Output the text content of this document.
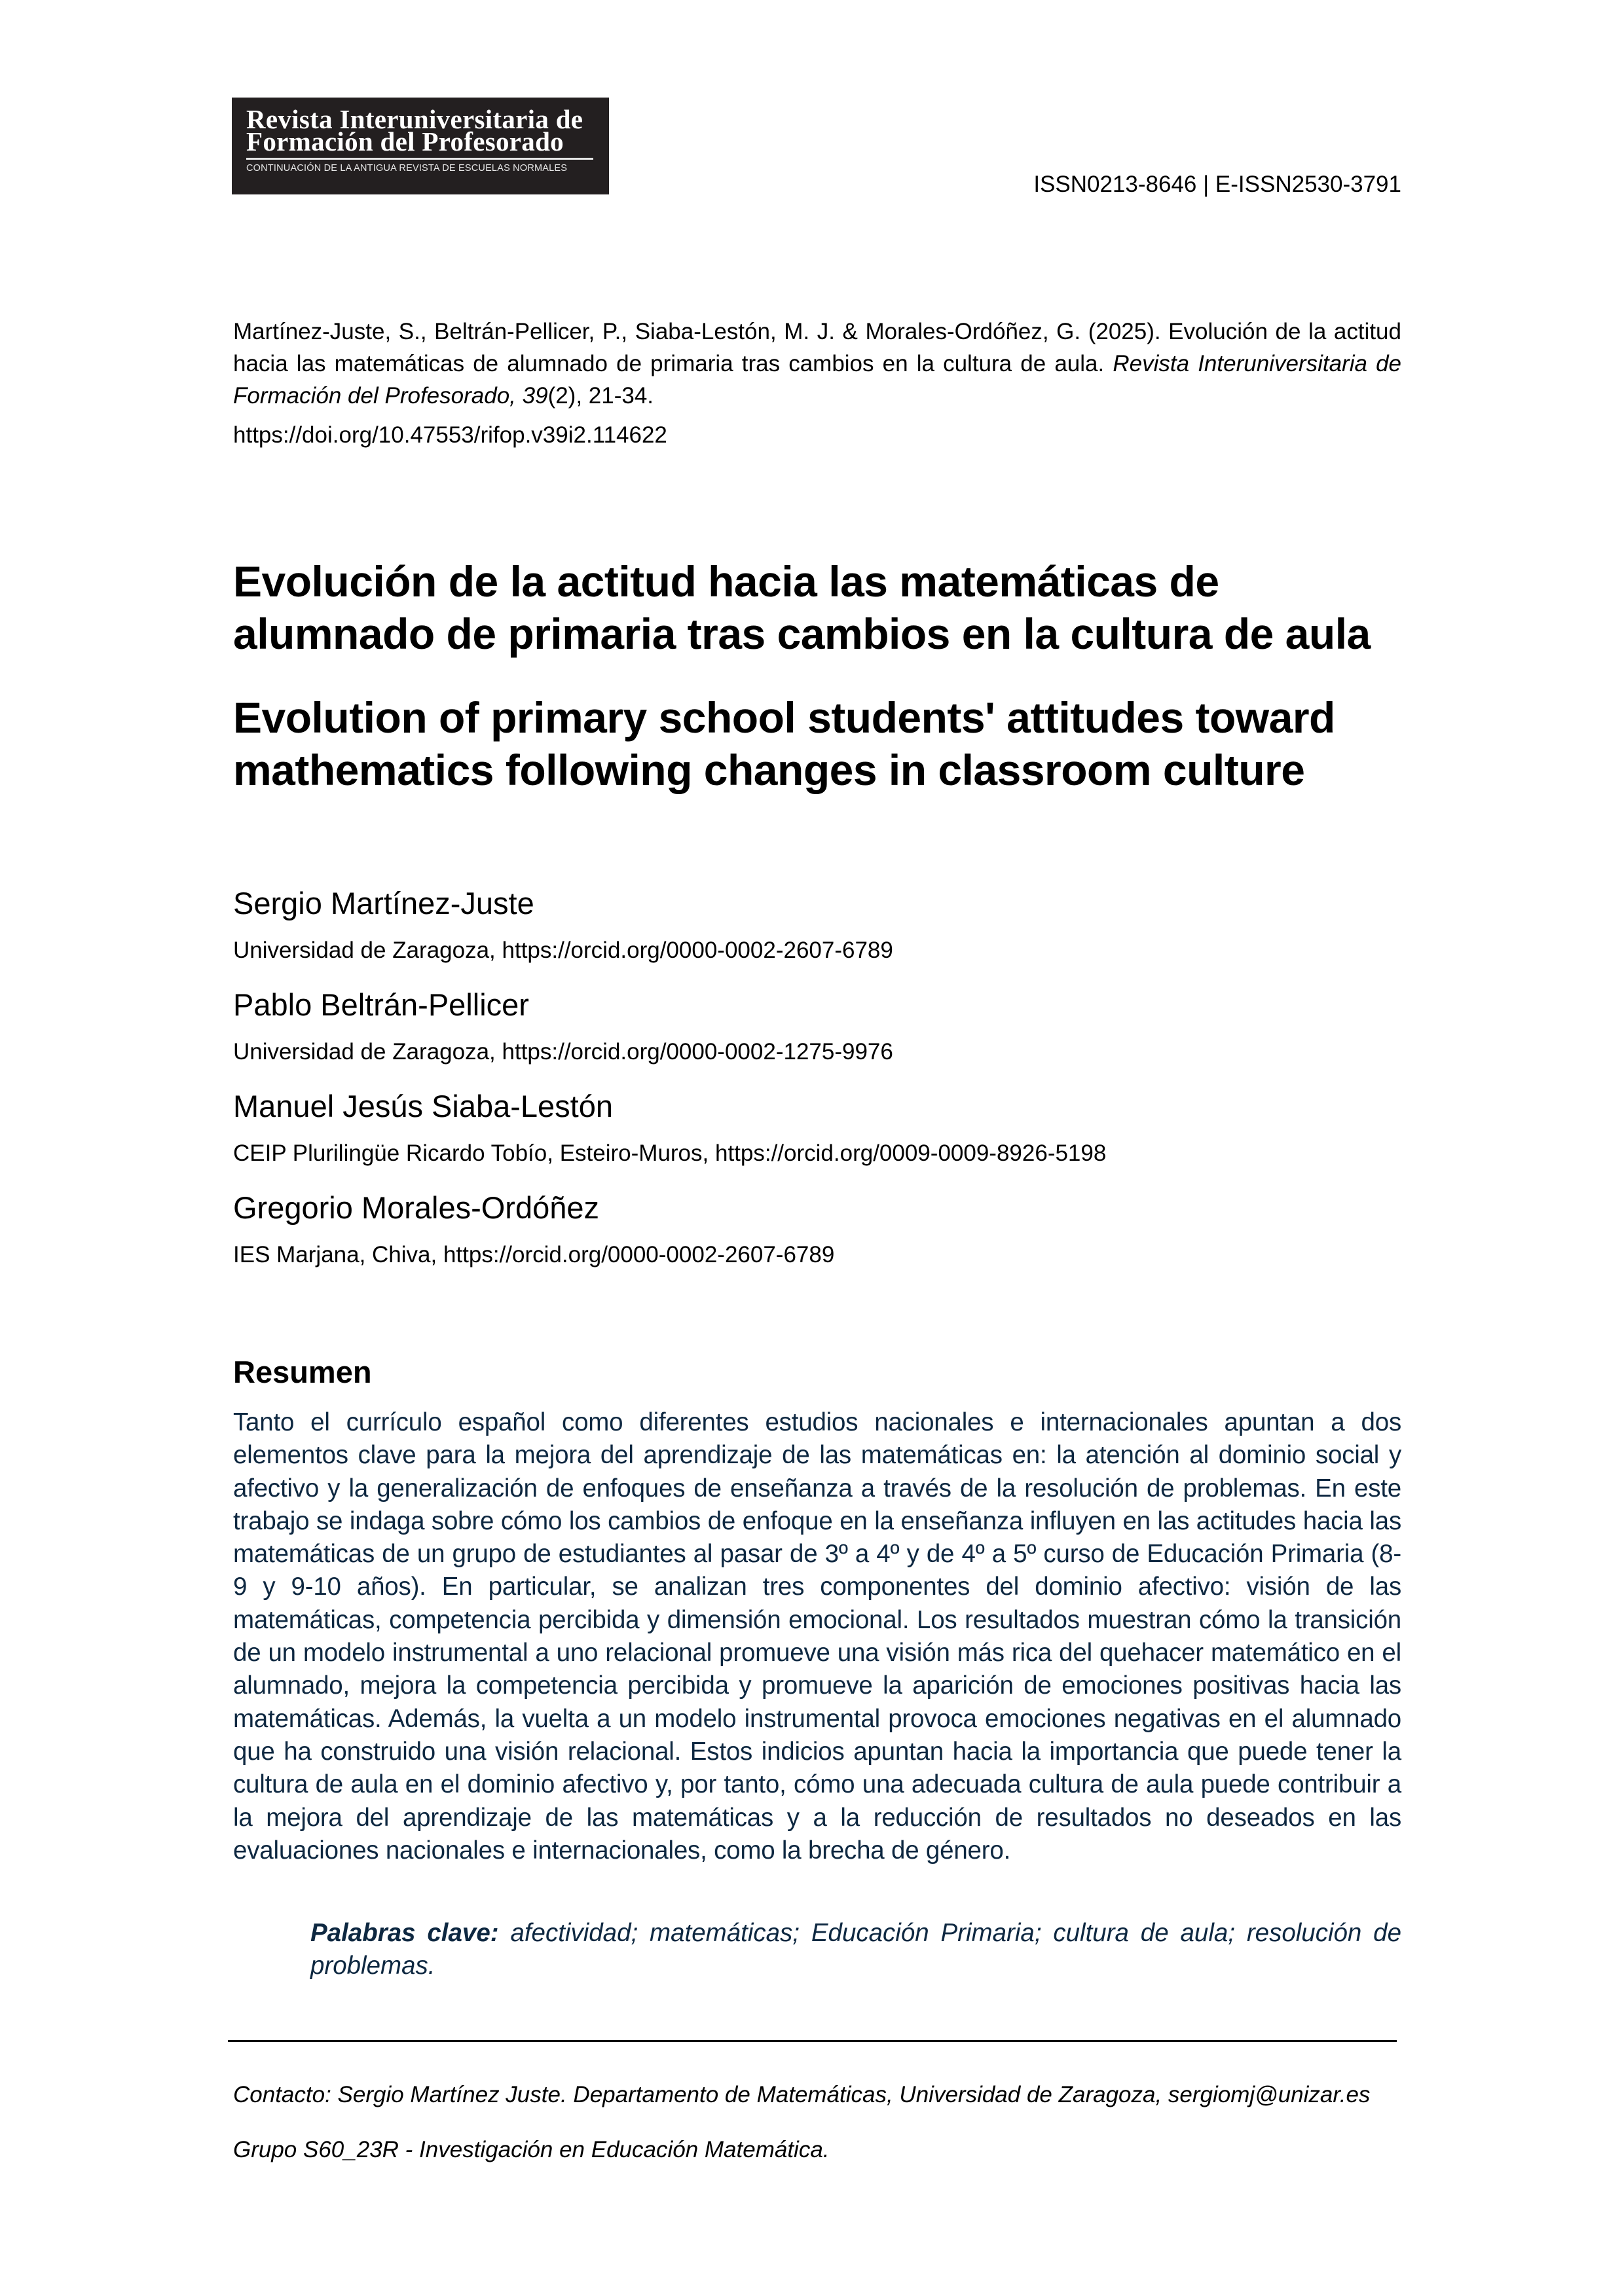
Revista Interuniversitaria de
Formación del Profesorado
CONTINUACIÓN DE LA ANTIGUA REVISTA DE ESCUELAS NORMALES
ISSN0213-8646 | E-ISSN2530-3791
Martínez-Juste, S., Beltrán-Pellicer, P., Siaba-Lestón, M. J. & Morales-Ordóñez, G. (2025). Evolución de la actitud hacia las matemáticas de alumnado de primaria tras cambios en la cultura de aula. Revista Interuniversitaria de Formación del Profesorado, 39(2), 21-34.
https://doi.org/10.47553/rifop.v39i2.114622
Evolución de la actitud hacia las matemáticas de alumnado de primaria tras cambios en la cultura de aula
Evolution of primary school students' attitudes toward mathematics following changes in classroom culture
Sergio Martínez-Juste
Universidad de Zaragoza, https://orcid.org/0000-0002-2607-6789
Pablo Beltrán-Pellicer
Universidad de Zaragoza, https://orcid.org/0000-0002-1275-9976
Manuel Jesús Siaba-Lestón
CEIP Plurilingüe Ricardo Tobío, Esteiro-Muros, https://orcid.org/0009-0009-8926-5198
Gregorio Morales-Ordóñez
IES Marjana, Chiva, https://orcid.org/0000-0002-2607-6789
Resumen

Tanto el currículo español como diferentes estudios nacionales e internacionales apuntan a dos elementos clave para la mejora del aprendizaje de las matemáticas en: la atención al dominio social y afectivo y la generalización de enfoques de enseñanza a través de la resolución de problemas. En este trabajo se indaga sobre cómo los cambios de enfoque en la enseñanza influyen en las actitudes hacia las matemáticas de un grupo de estudiantes al pasar de 3º a 4º y de 4º a 5º curso de Educación Primaria (8-9 y 9-10 años). En particular, se analizan tres componentes del dominio afectivo: visión de las matemáticas, competencia percibida y dimensión emocional. Los resultados muestran cómo la transición de un modelo instrumental a uno relacional promueve una visión más rica del quehacer matemático en el alumnado, mejora la competencia percibida y promueve la aparición de emociones positivas hacia las matemáticas. Además, la vuelta a un modelo instrumental provoca emociones negativas en el alumnado que ha construido una visión relacional. Estos indicios apuntan hacia la importancia que puede tener la cultura de aula en el dominio afectivo y, por tanto, cómo una adecuada cultura de aula puede contribuir a la mejora del aprendizaje de las matemáticas y a la reducción de resultados no deseados en las evaluaciones nacionales e internacionales, como la brecha de género.

Palabras clave: afectividad; matemáticas; Educación Primaria; cultura de aula; resolución de problemas.
Contacto: Sergio Martínez Juste. Departamento de Matemáticas, Universidad de Zaragoza, sergiomj@unizar.es
Grupo S60_23R - Investigación en Educación Matemática.
